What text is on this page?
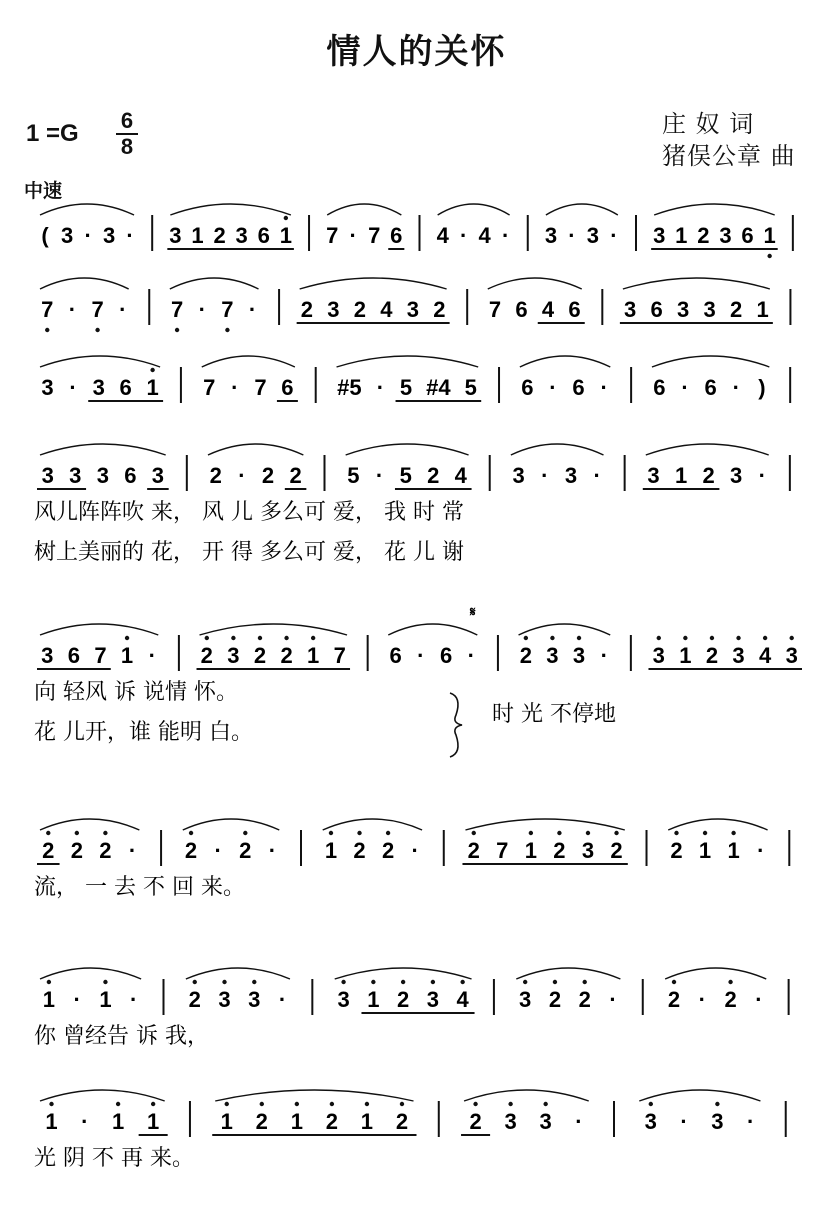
情人的关怀
1 =G 6
8
庄 奴 词
猪俣公章 曲
中速
( 3 · 3 · 3 1 2 3 6 1 7 · 7 6 4 · 4 · 3 · 3 · 3 1 2 3 6 1
7 · 7 · 7 · 7 · 2 3 2 4 3 2 7 6 4 6 3 6 3 3 2 1
3 · 3 6 1 7 · 7 6 #5 · 5 #4 5 6 · 6 · 6 · 6 · )
3 3 3 6 3 2 · 2 2 5 · 5 2 4 3 · 3 · 3 1 2 3 ·
风儿阵阵吹 来， 风 儿 多么可 爱， 我 时 常
树上美丽的 花， 开 得 多么可 爱， 花 儿 谢
3 6 7 1 · 2 3 2 2 1 7 6 · 6 · 2 3 3 · 3 1 2 3 4 3
向 轻风 诉 说情 怀。
花 儿开，谁 能明 白。
时 光 不停地
2 2 2 · 2 · 2 · 1 2 2 · 2 7 1 2 3 2 2 1 1 ·
流， 一 去 不 回 来。
1 · 1 · 2 3 3 · 3 1 2 3 4 3 2 2 · 2 · 2 ·
你 曾经告 诉 我，
1 · 1 1	1 2 1 2 1 2	2 3 3 ·	3 · 3 ·
光 阴 不 再 来。
𝄋
